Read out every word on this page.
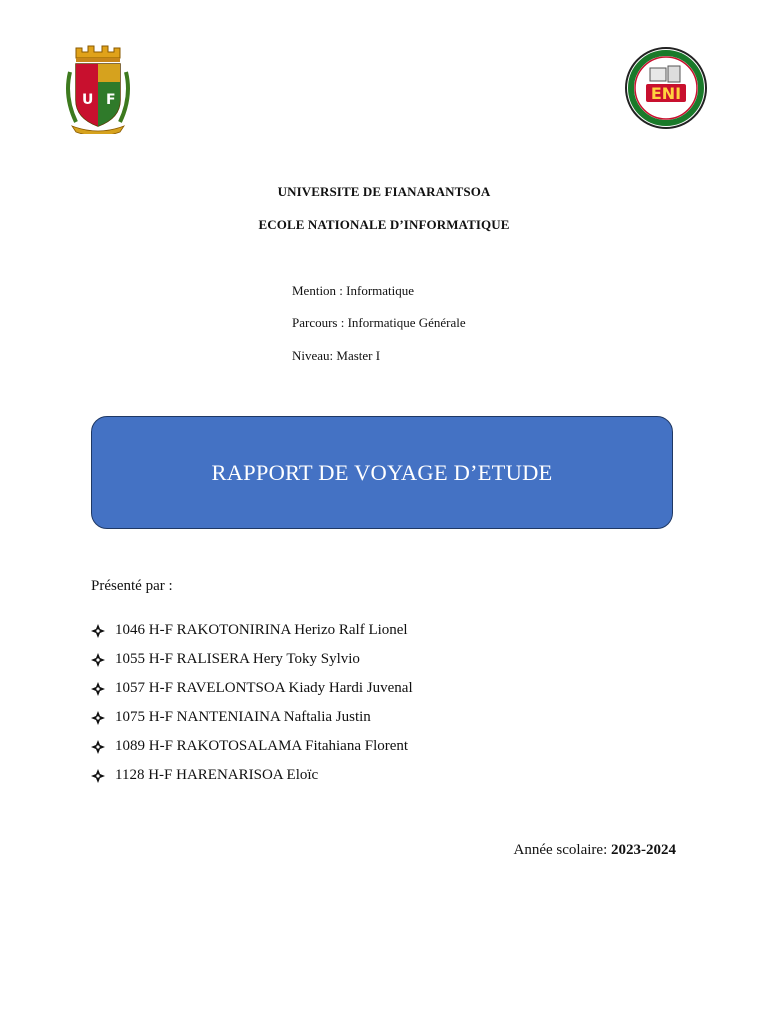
U F	ENI
UNIVERSITE DE FIANARANTSOA
ECOLE NATIONALE D’INFORMATIQUE
Mention : Informatique
Parcours : Informatique Générale
Niveau: Master I
RAPPORT DE VOYAGE D’ETUDE
Présenté par :
1046 H-F RAKOTONIRINA Herizo Ralf Lionel
1055 H-F RALISERA Hery Toky Sylvio
1057 H-F RAVELONTSOA Kiady Hardi Juvenal
1075 H-F NANTENIAINA Naftalia Justin
1089 H-F RAKOTOSALAMA Fitahiana Florent
1128 H-F HARENARISOA Eloïc
Année scolaire: 2023-2024
